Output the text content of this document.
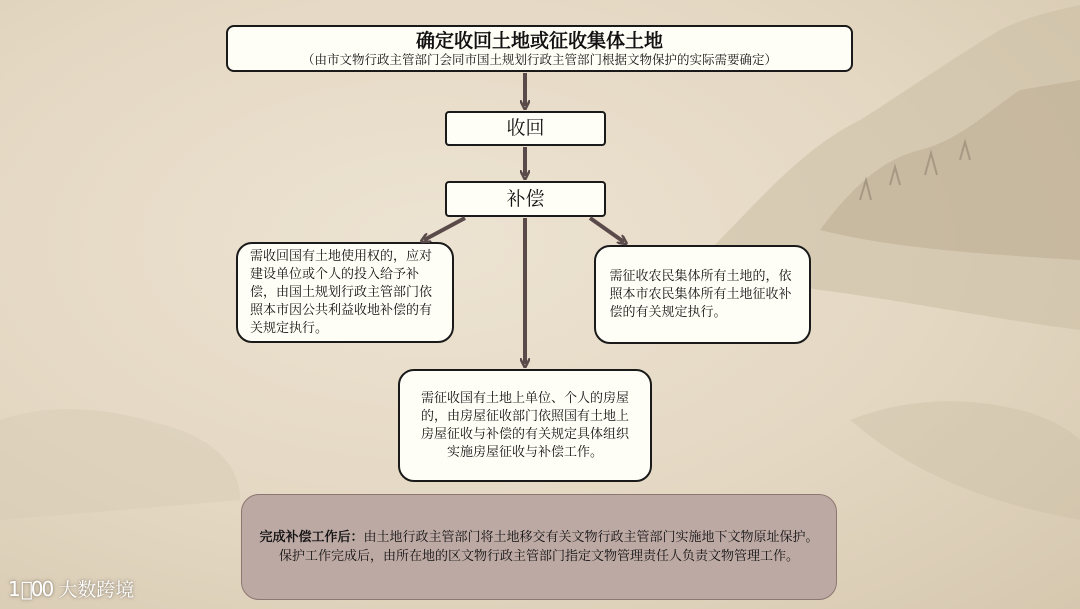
确定收回土地或征收集体土地
（由市文物行政主管部门会同市国土规划行政主管部门根据文物保护的实际需要确定）
收回
补偿
需收回国有土地使用权的，应对建设单位或个人的投入给予补偿，由国土规划行政主管部门依照本市因公共利益收地补偿的有关规定执行。
需征收农民集体所有土地的，依照本市农民集体所有土地征收补偿的有关规定执行。
需征收国有土地上单位、个人的房屋的，由房屋征收部门依照国有土地上房屋征收与补偿的有关规定具体组织实施房屋征收与补偿工作。
完成补偿工作后：由土地行政主管部门将土地移交有关文物行政主管部门实施地下文物原址保护。保护工作完成后，由所在地的区文物行政主管部门指定文物管理责任人负责文物管理工作。
1⃝00 大数跨境
